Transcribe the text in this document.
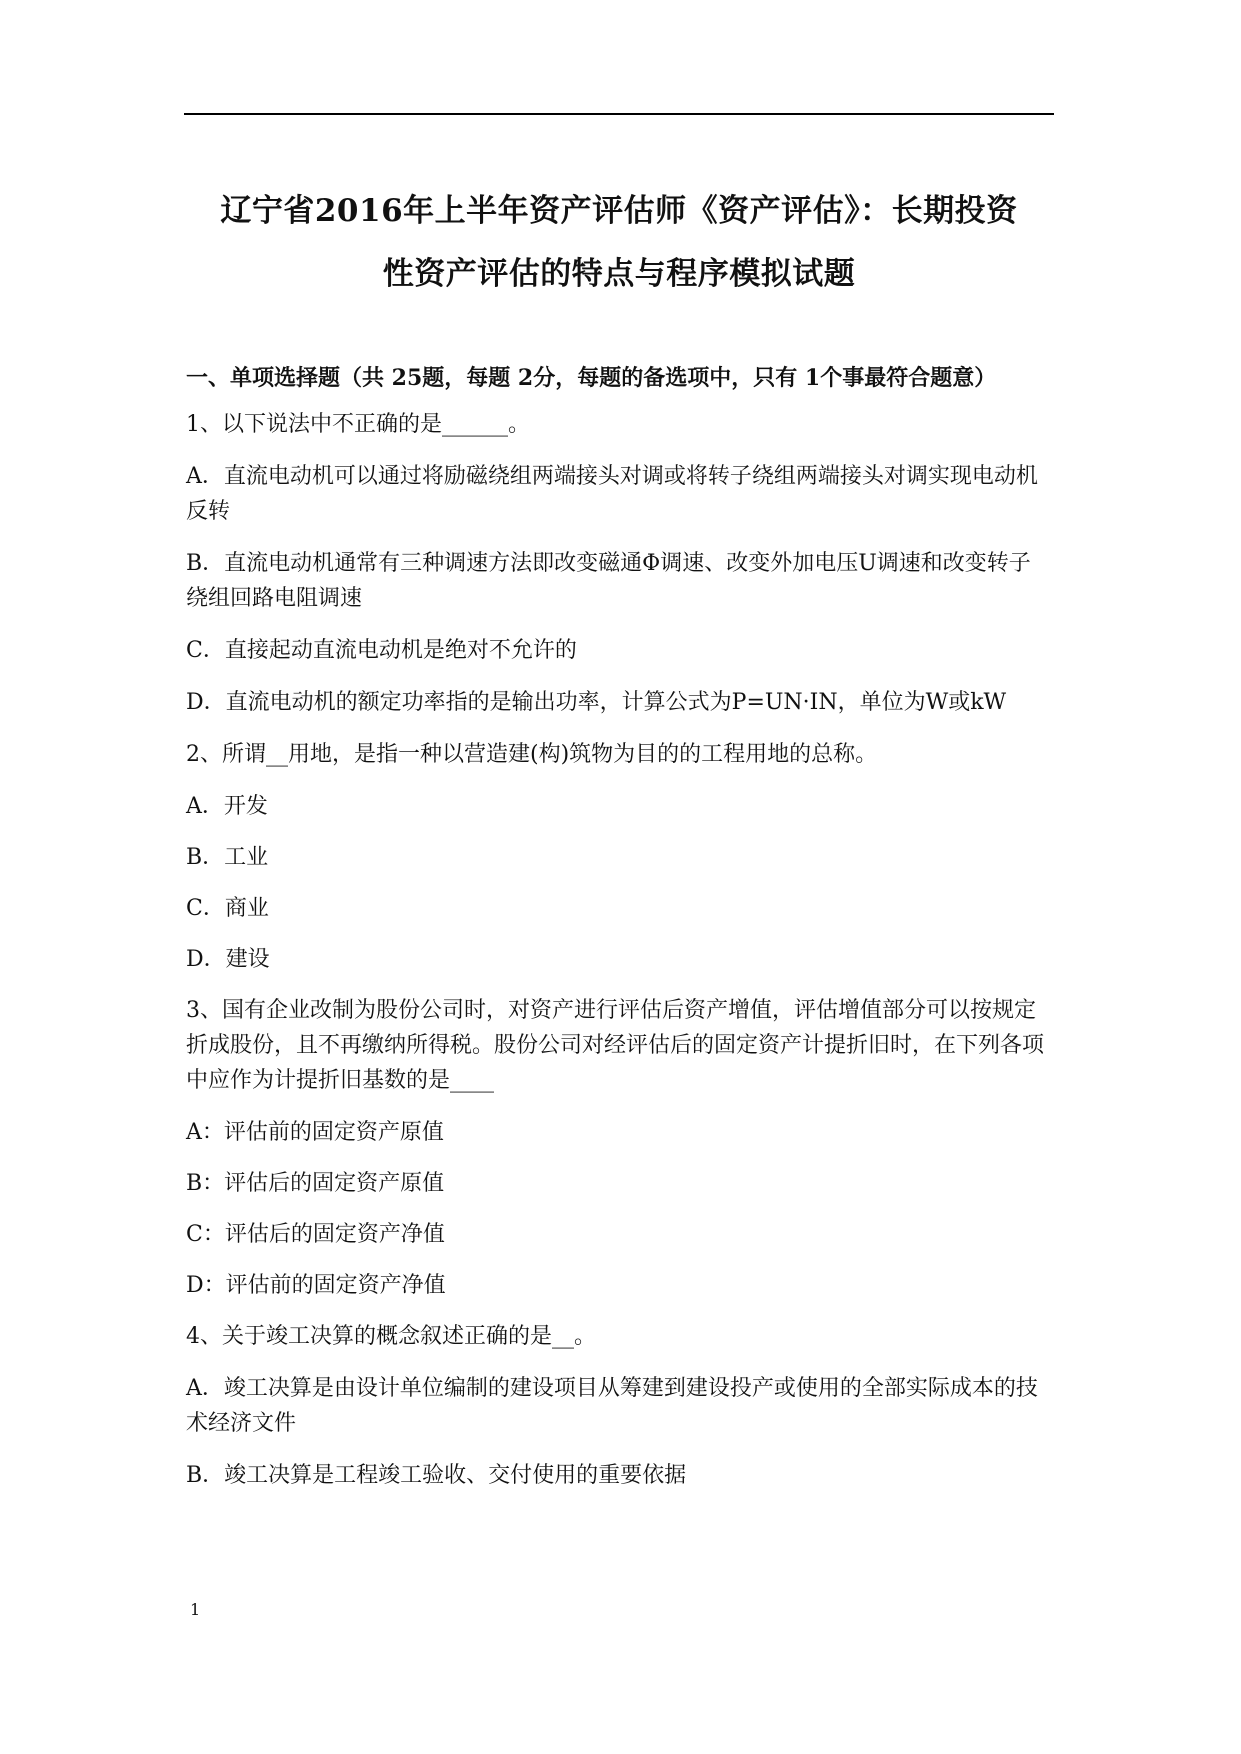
辽宁省2016年上半年资产评估师《资产评估》：长期投资
性资产评估的特点与程序模拟试题
一、单项选择题（共 25题，每题 2分，每题的备选项中，只有 1个事最符合题意）
1、以下说法中不正确的是______。
A．直流电动机可以通过将励磁绕组两端接头对调或将转子绕组两端接头对调实现电动机反转
B．直流电动机通常有三种调速方法即改变磁通Φ调速、改变外加电压U调速和改变转子绕组回路电阻调速
C．直接起动直流电动机是绝对不允许的
D．直流电动机的额定功率指的是输出功率，计算公式为P=UN·IN，单位为W或kW
2、所谓__用地，是指一种以营造建(构)筑物为目的的工程用地的总称。
A．开发
B．工业
C．商业
D．建设
3、国有企业改制为股份公司时，对资产进行评估后资产增值，评估增值部分可以按规定折成股份，且不再缴纳所得税。股份公司对经评估后的固定资产计提折旧时，在下列各项中应作为计提折旧基数的是____
A：评估前的固定资产原值
B：评估后的固定资产原值
C：评估后的固定资产净值
D：评估前的固定资产净值
4、关于竣工决算的概念叙述正确的是__。
A．竣工决算是由设计单位编制的建设项目从筹建到建设投产或使用的全部实际成本的技术经济文件
B．竣工决算是工程竣工验收、交付使用的重要依据
1
